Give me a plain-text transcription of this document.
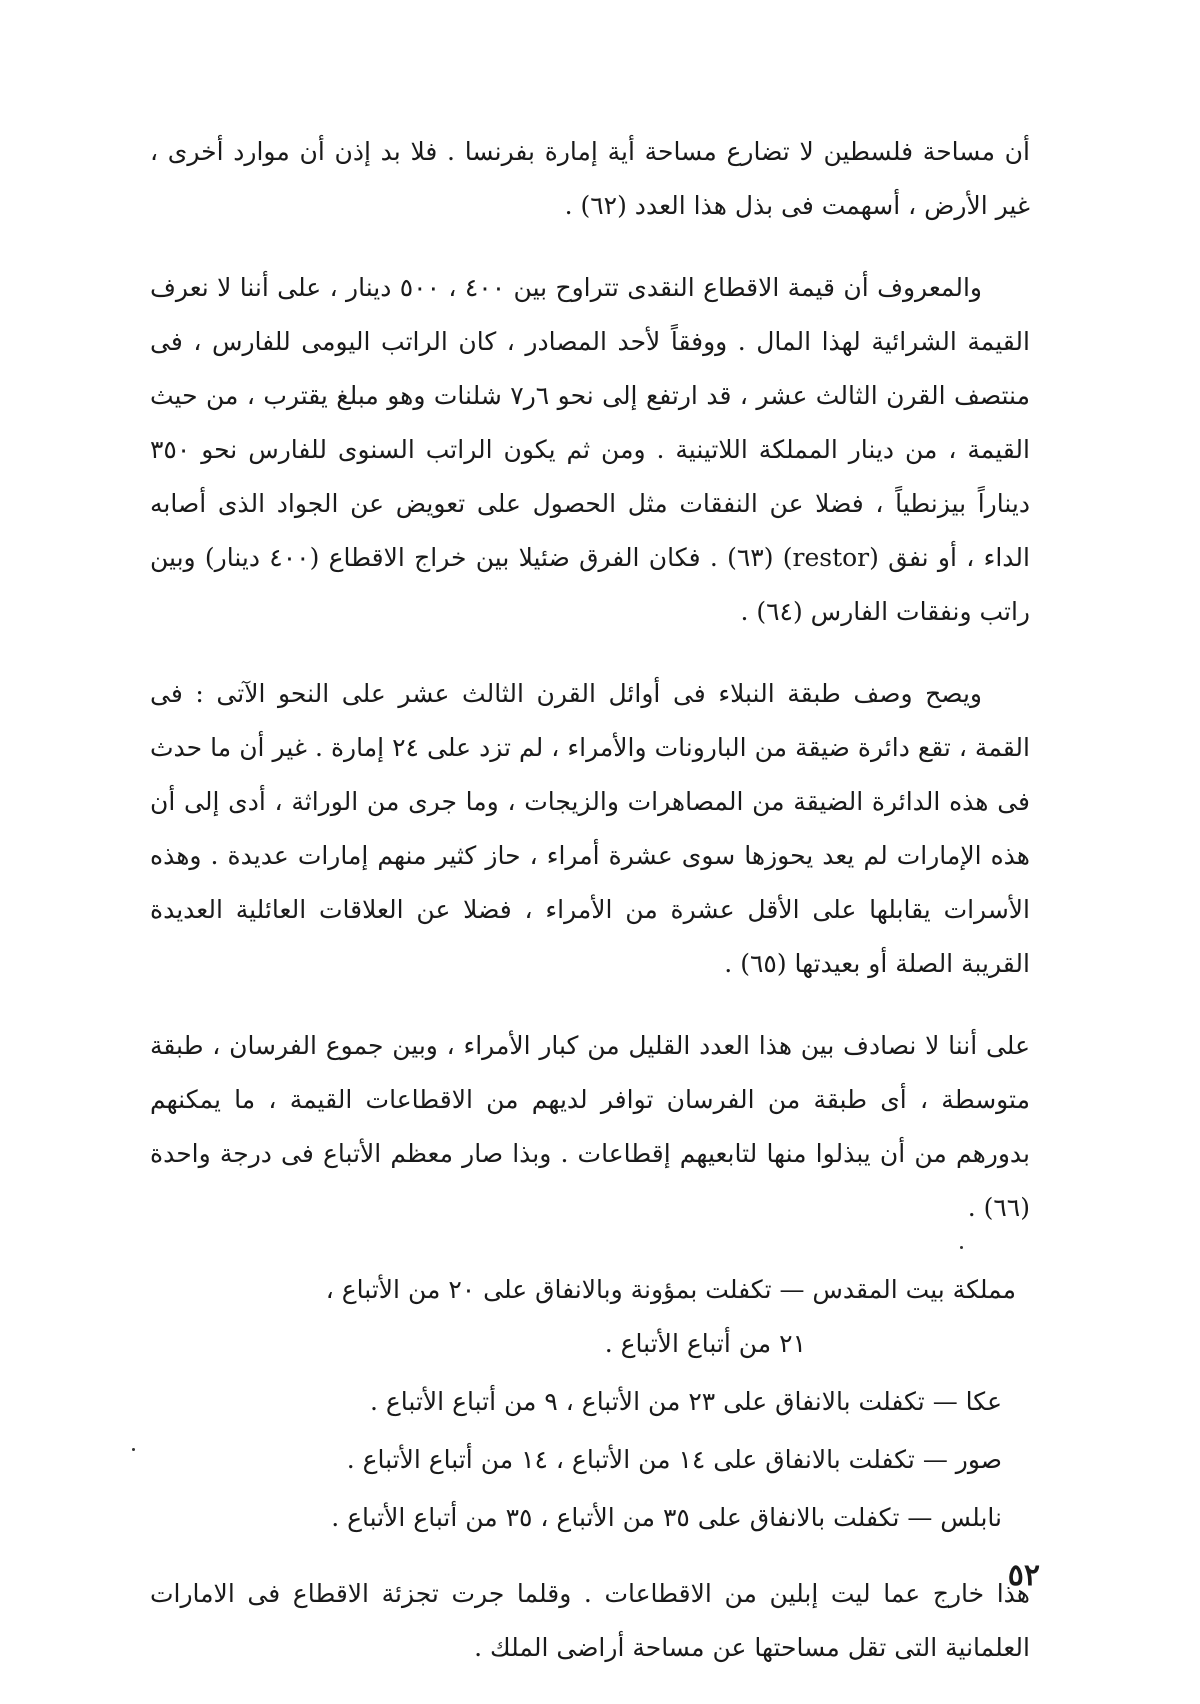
أن مساحة فلسطين لا تضارع مساحة أية إمارة بفرنسا . فلا بد إذن أن موارد أخرى ، غير الأرض ، أسهمت فى بذل هذا العدد (٦٢) .

والمعروف أن قيمة الاقطاع النقدى تتراوح بين ٤٠٠ ، ٥٠٠ دينار ، على أننا لا نعرف القيمة الشرائية لهذا المال . ووفقاً لأحد المصادر ، كان الراتب اليومى للفارس ، فى منتصف القرن الثالث عشر ، قد ارتفع إلى نحو ٦ر٧ شلنات وهو مبلغ يقترب ، من حيث القيمة ، من دينار المملكة اللاتينية . ومن ثم يكون الراتب السنوى للفارس نحو ٣٥٠ ديناراً بيزنطياً ، فضلا عن النفقات مثل الحصول على تعويض عن الجواد الذى أصابه الداء ، أو نفق (restor) (٦٣) . فكان الفرق ضئيلا بين خراج الاقطاع (٤٠٠ دينار) وبين راتب ونفقات الفارس (٦٤) .

ويصح وصف طبقة النبلاء فى أوائل القرن الثالث عشر على النحو الآتى : فى القمة ، تقع دائرة ضيقة من البارونات والأمراء ، لم تزد على ٢٤ إمارة . غير أن ما حدث فى هذه الدائرة الضيقة من المصاهرات والزيجات ، وما جرى من الوراثة ، أدى إلى أن هذه الإمارات لم يعد يحوزها سوى عشرة أمراء ، حاز كثير منهم إمارات عديدة . وهذه الأسرات يقابلها على الأقل عشرة من الأمراء ، فضلا عن العلاقات العائلية العديدة القريبة الصلة أو بعيدتها (٦٥) .

على أننا لا نصادف بين هذا العدد القليل من كبار الأمراء ، وبين جموع الفرسان ، طبقة متوسطة ، أى طبقة من الفرسان توافر لديهم من الاقطاعات القيمة ، ما يمكنهم بدورهم من أن يبذلوا منها لتابعيهم إقطاعات . وبذا صار معظم الأتباع فى درجة واحدة (٦٦) .

مملكة بيت المقدس — تكفلت بمؤونة وبالانفاق على ٢٠ من الأتباع ،
٢١ من أتباع الأتباع .
عكا — تكفلت بالانفاق على ٢٣ من الأتباع ، ٩ من أتباع الأتباع .
صور — تكفلت بالانفاق على ١٤ من الأتباع ، ١٤ من أتباع الأتباع .
نابلس — تكفلت بالانفاق على ٣٥ من الأتباع ، ٣٥ من أتباع الأتباع .

هذا خارج عما ليت إبلين من الاقطاعات . وقلما جرت تجزئة الاقطاع فى الامارات العلمانية التى تقل مساحتها عن مساحة أراضى الملك .

٥٢
